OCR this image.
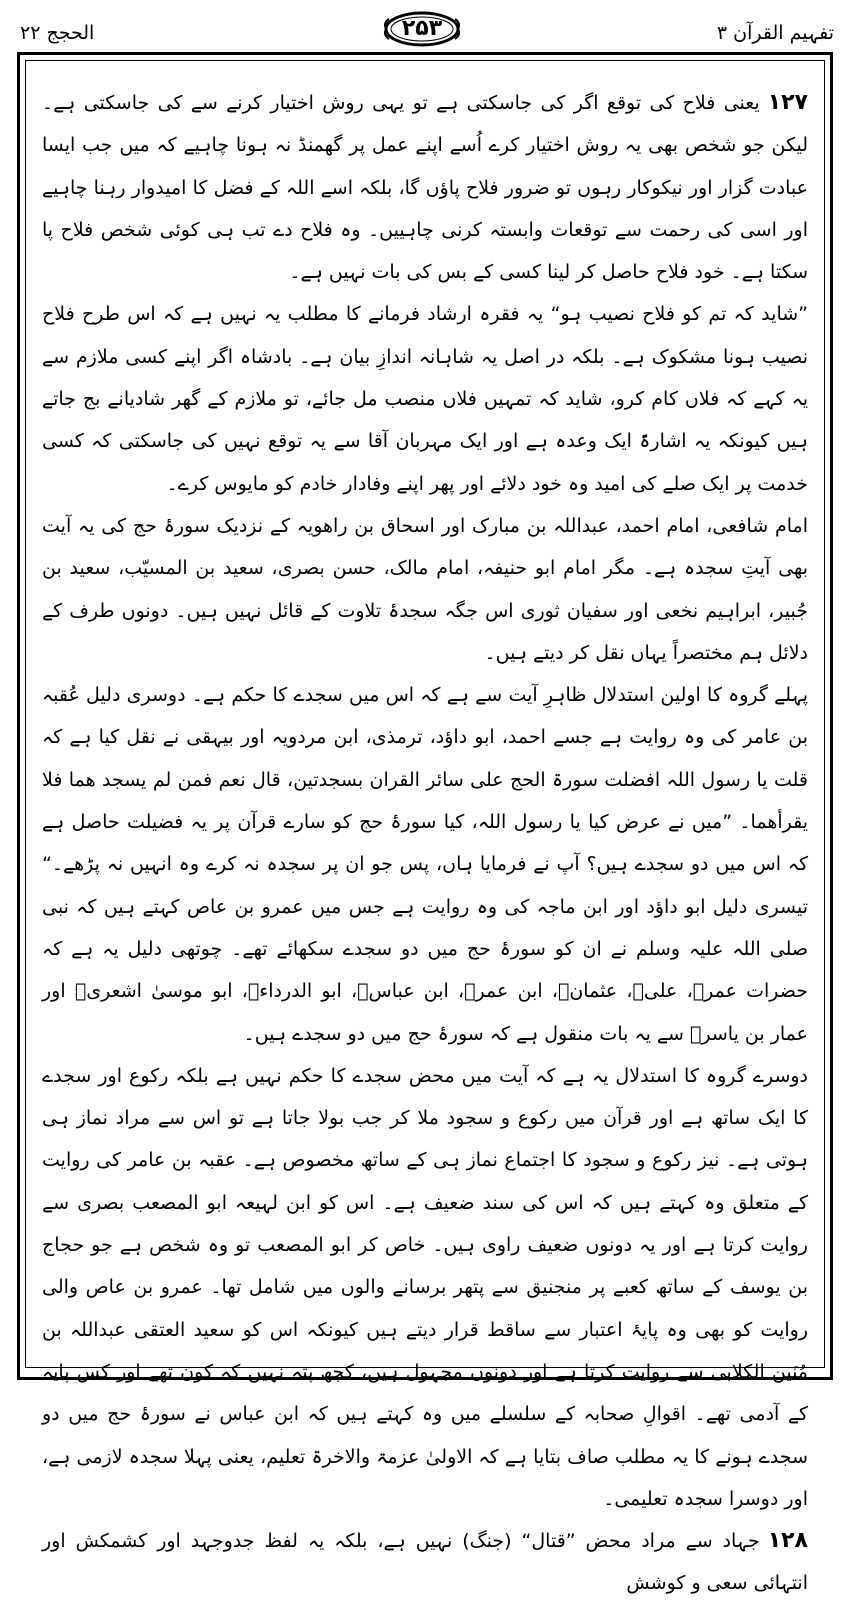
تفہیم القرآن ۳
۲۵۳
الحجج ۲۲

۱۲۷یعنی فلاح کی توقع اگر کی جاسکتی ہے تو یہی روش اختیار کرنے سے کی جاسکتی ہے۔ لیکن جو شخص بھی یہ روش اختیار کرے اُسے اپنے عمل پر گھمنڈ نہ ہونا چاہیے کہ میں جب ایسا عبادت گزار اور نیکوکار رہوں تو ضرور فلاح پاؤں گا، بلکہ اسے اللہ کے فضل کا امیدوار رہنا چاہیے اور اسی کی رحمت سے توقعات وابستہ کرنی چاہییں۔ وہ فلاح دے تب ہی کوئی شخص فلاح پا سکتا ہے۔ خود فلاح حاصل کر لینا کسی کے بس کی بات نہیں ہے۔

”شاید کہ تم کو فلاح نصیب ہو“ یہ فقرہ ارشاد فرمانے کا مطلب یہ نہیں ہے کہ اس طرح فلاح نصیب ہونا مشکوک ہے۔ بلکہ در اصل یہ شاہانہ اندازِ بیان ہے۔ بادشاہ اگر اپنے کسی ملازم سے یہ کہے کہ فلاں کام کرو، شاید کہ تمہیں فلاں منصب مل جائے، تو ملازم کے گھر شادیانے بج جاتے ہیں کیونکہ یہ اشارۃً ایک وعدہ ہے اور ایک مہربان آقا سے یہ توقع نہیں کی جاسکتی کہ کسی خدمت پر ایک صلے کی امید وہ خود دلائے اور پھر اپنے وفادار خادم کو مایوس کرے۔

امام شافعی، امام احمد، عبداللہ بن مبارک اور اسحاق بن راھویہ کے نزدیک سورۂ حج کی یہ آیت بھی آیتِ سجدہ ہے۔ مگر امام ابو حنیفہ، امام مالک، حسن بصری، سعید بن المسیّب، سعید بن جُبیر، ابراہیم نخعی اور سفیان ثوری اس جگہ سجدۂ تلاوت کے قائل نہیں ہیں۔ دونوں طرف کے دلائل ہم مختصراً یہاں نقل کر دیتے ہیں۔

پہلے گروہ کا اولین استدلال ظاہرِ آیت سے ہے کہ اس میں سجدے کا حکم ہے۔ دوسری دلیل عُقبہ بن عامر کی وہ روایت ہے جسے احمد، ابو داؤد، ترمذی، ابن مردویہ اور بیہقی نے نقل کیا ہے کہ قلت یا رسول اللہ افضلت سورۃ الحج علی سائر القران بسجدتین، قال نعم فمن لم یسجد ھما فلا یقرأھما۔ ”میں نے عرض کیا یا رسول اللہ، کیا سورۂ حج کو سارے قرآن پر یہ فضیلت حاصل ہے کہ اس میں دو سجدے ہیں؟ آپ نے فرمایا ہاں، پس جو ان پر سجدہ نہ کرے وہ انہیں نہ پڑھے۔“ تیسری دلیل ابو داؤد اور ابن ماجہ کی وہ روایت ہے جس میں عمرو بن عاص کہتے ہیں کہ نبی صلی اللہ علیہ وسلم نے ان کو سورۂ حج میں دو سجدے سکھائے تھے۔ چوتھی دلیل یہ ہے کہ حضرات عمرؓ، علیؓ، عثمانؓ، ابن عمرؓ، ابن عباسؓ، ابو الدرداءؓ، ابو موسیٰ اشعریؓ اور عمار بن یاسرؓ سے یہ بات منقول ہے کہ سورۂ حج میں دو سجدے ہیں۔

دوسرے گروہ کا استدلال یہ ہے کہ آیت میں محض سجدے کا حکم نہیں ہے بلکہ رکوع اور سجدے کا ایک ساتھ ہے اور قرآن میں رکوع و سجود ملا کر جب بولا جاتا ہے تو اس سے مراد نماز ہی ہوتی ہے۔ نیز رکوع و سجود کا اجتماع نماز ہی کے ساتھ مخصوص ہے۔ عقبہ بن عامر کی روایت کے متعلق وہ کہتے ہیں کہ اس کی سند ضعیف ہے۔ اس کو ابن لہیعہ ابو المصعب بصری سے روایت کرتا ہے اور یہ دونوں ضعیف راوی ہیں۔ خاص کر ابو المصعب تو وہ شخص ہے جو حجاج بن یوسف کے ساتھ کعبے پر منجنیق سے پتھر برسانے والوں میں شامل تھا۔ عمرو بن عاص والی روایت کو بھی وہ پایۂ اعتبار سے ساقط قرار دیتے ہیں کیونکہ اس کو سعید العتقی عبداللہ بن مُنَین الکلابی سے روایت کرتا ہے اور دونوں مجہول ہیں، کچھ پتہ نہیں کہ کون تھے اور کس پایہ کے آدمی تھے۔ اقوالِ صحابہ کے سلسلے میں وہ کہتے ہیں کہ ابن عباس نے سورۂ حج میں دو سجدے ہونے کا یہ مطلب صاف بتایا ہے کہ الاولیٰ عزمۃ والاخرۃ تعلیم، یعنی پہلا سجدہ لازمی ہے، اور دوسرا سجدہ تعلیمی۔

۱۲۸جہاد سے مراد محض ”قتال“ (جنگ) نہیں ہے، بلکہ یہ لفظ جدوجہد اور کشمکش اور انتہائی سعی و کوشش
